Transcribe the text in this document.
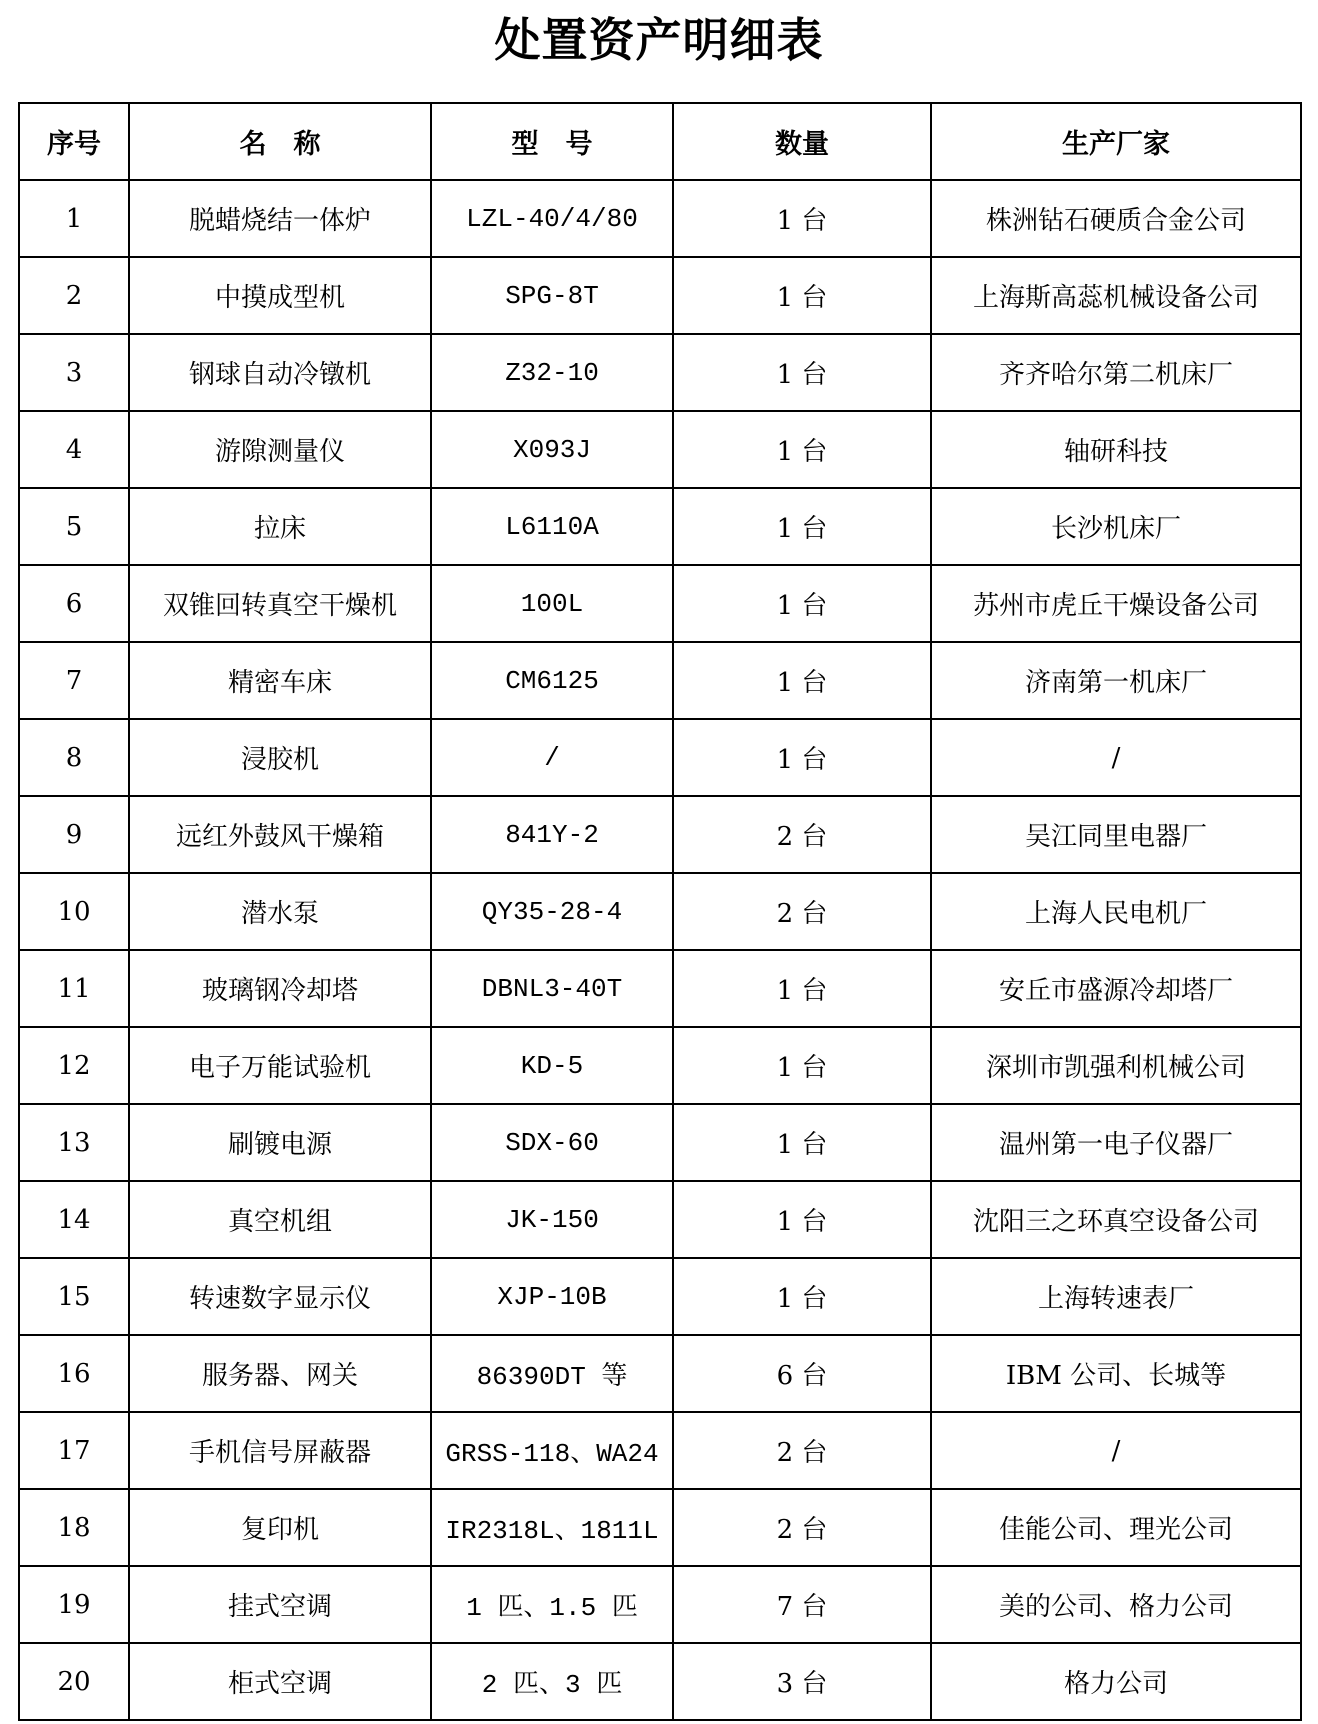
处置资产明细表
序号	名　称	型　号	数量	生产厂家
1	脱蜡烧结一体炉	LZL-40/4/80	1 台	株洲钻石硬质合金公司
2	中摸成型机	SPG-8T	1 台	上海斯高蕊机械设备公司
3	钢球自动冷镦机	Z32-10	1 台	齐齐哈尔第二机床厂
4	游隙测量仪	X093J	1 台	轴研科技
5	拉床	L6110A	1 台	长沙机床厂
6	双锥回转真空干燥机	100L	1 台	苏州市虎丘干燥设备公司
7	精密车床	CM6125	1 台	济南第一机床厂
8	浸胶机	/	1 台	/
9	远红外鼓风干燥箱	841Y-2	2 台	吴江同里电器厂
10	潜水泵	QY35-28-4	2 台	上海人民电机厂
11	玻璃钢冷却塔	DBNL3-40T	1 台	安丘市盛源冷却塔厂
12	电子万能试验机	KD-5	1 台	深圳市凯强利机械公司
13	刷镀电源	SDX-60	1 台	温州第一电子仪器厂
14	真空机组	JK-150	1 台	沈阳三之环真空设备公司
15	转速数字显示仪	XJP-10B	1 台	上海转速表厂
16	服务器、网关	86390DT 等	6 台	IBM 公司、长城等
17	手机信号屏蔽器	GRSS-118、WA24	2 台	/
18	复印机	IR2318L、1811L	2 台	佳能公司、理光公司
19	挂式空调	1 匹、1.5 匹	7 台	美的公司、格力公司
20	柜式空调	2 匹、3 匹	3 台	格力公司
